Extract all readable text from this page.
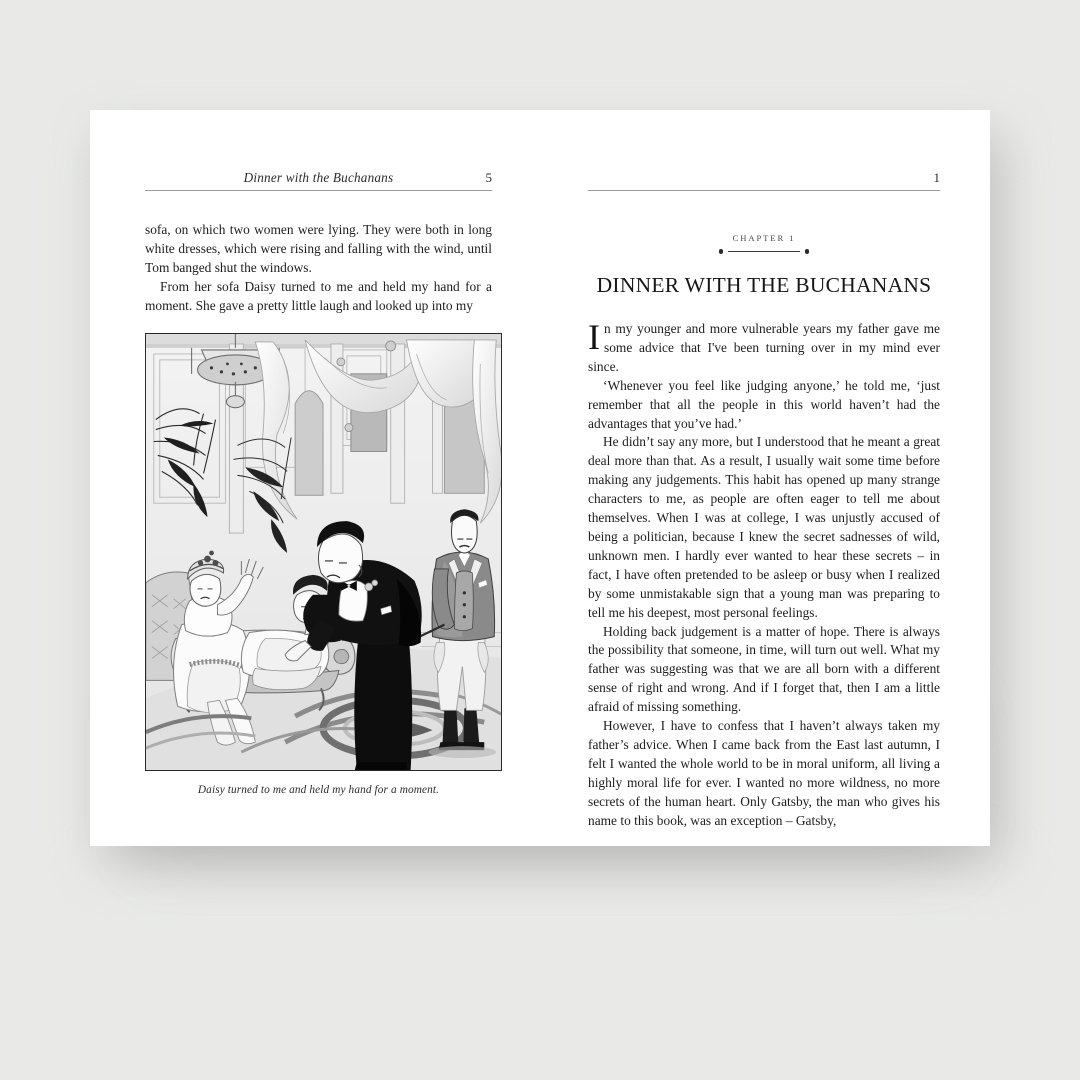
Dinner with the Buchanans	5

sofa, on which two women were lying. They were both in long white dresses, which were rising and falling with the wind, until Tom banged shut the windows.

From her sofa Daisy turned to me and held my hand for a moment. She gave a pretty little laugh and looked up into my

Daisy turned to me and held my hand for a moment.
1
CHAPTER 1
DINNER WITH THE BUCHANANS

In my younger and more vulnerable years my father gave me some advice that I've been turning over in my mind ever since.

‘Whenever you feel like judging anyone,’ he told me, ‘just remember that all the people in this world haven’t had the advantages that you’ve had.’

He didn’t say any more, but I understood that he meant a great deal more than that. As a result, I usually wait some time before making any judgements. This habit has opened up many strange characters to me, as people are often eager to tell me about themselves. When I was at college, I was unjustly accused of being a politician, because I knew the secret sadnesses of wild, unknown men. I hardly ever wanted to hear these secrets – in fact, I have often pretended to be asleep or busy when I realized by some unmistakable sign that a young man was preparing to tell me his deepest, most personal feelings.

Holding back judgement is a matter of hope. There is always the possibility that someone, in time, will turn out well. What my father was suggesting was that we are all born with a different sense of right and wrong. And if I forget that, then I am a little afraid of missing something.

However, I have to confess that I haven’t always taken my father’s advice. When I came back from the East last autumn, I felt I wanted the whole world to be in moral uniform, all living a highly moral life for ever. I wanted no more wildness, no more secrets of the human heart. Only Gatsby, the man who gives his name to this book, was an exception – Gatsby,
